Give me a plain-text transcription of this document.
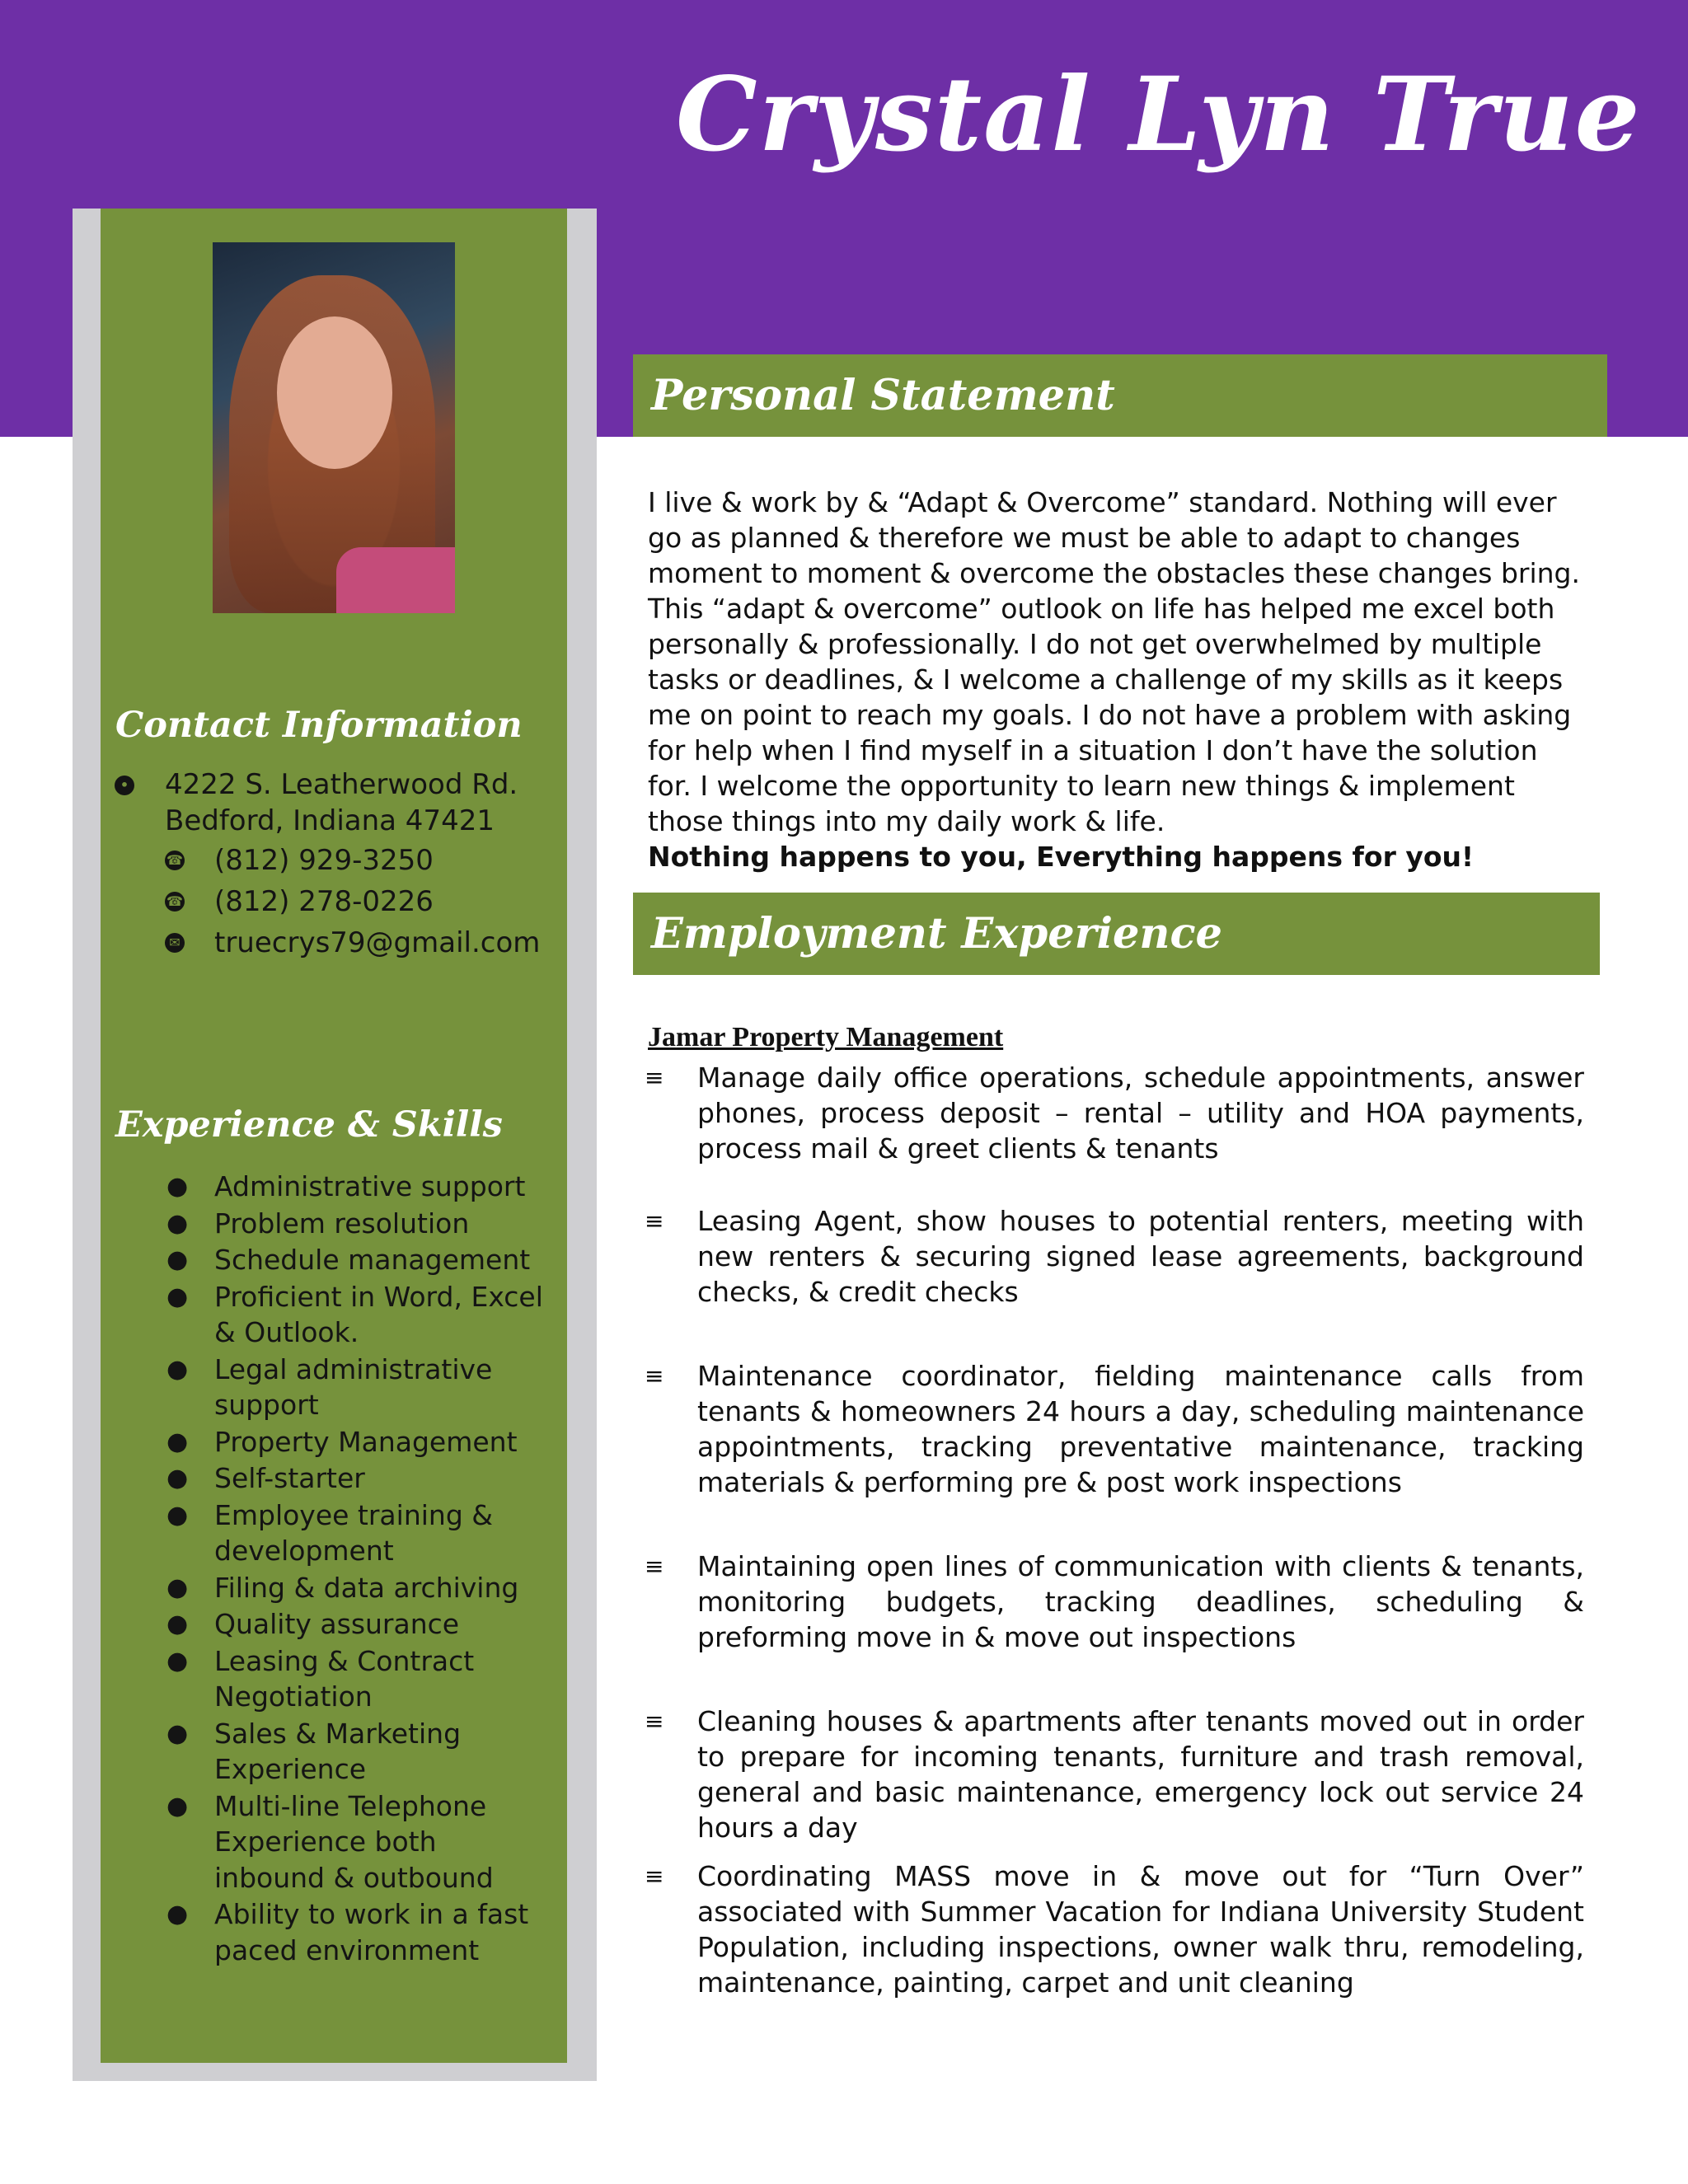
Crystal Lyn True
Contact Information
• 4222 S. Leatherwood Rd.
Bedford, Indiana 47421
☎ (812) 929-3250
☎ (812) 278-0226
✉ truecrys79@gmail.com
Experience & Skills
● Administrative support
● Problem resolution
● Schedule management
● Proficient in Word, Excel & Outlook.
● Legal administrative support
● Property Management
● Self-starter
● Employee training & development
● Filing & data archiving
● Quality assurance
● Leasing & Contract Negotiation
● Sales & Marketing Experience
● Multi-line Telephone Experience both inbound & outbound
● Ability to work in a fast paced environment
Personal Statement

I live & work by & “Adapt & Overcome” standard. Nothing will ever go as planned & therefore we must be able to adapt to changes moment to moment & overcome the obstacles these changes bring. This “adapt & overcome” outlook on life has helped me excel both personally & professionally. I do not get overwhelmed by multiple tasks or deadlines, & I welcome a challenge of my skills as it keeps me on point to reach my goals. I do not have a problem with asking for help when I find myself in a situation I don’t have the solution for. I welcome the opportunity to learn new things & implement those things into my daily work & life.
Nothing happens to you, Everything happens for you!

Employment Experience
Jamar Property Management
≡ Manage daily office operations, schedule appointments, answer phones, process deposit – rental – utility and HOA payments, process mail & greet clients & tenants
≡ Leasing Agent, show houses to potential renters, meeting with new renters & securing signed lease agreements, background checks, & credit checks
≡ Maintenance coordinator, fielding maintenance calls from tenants & homeowners 24 hours a day, scheduling maintenance appointments, tracking preventative maintenance, tracking materials & performing pre & post work inspections
≡ Maintaining open lines of communication with clients & tenants, monitoring budgets, tracking deadlines, scheduling & preforming move in & move out inspections
≡ Cleaning houses & apartments after tenants moved out in order to prepare for incoming tenants, furniture and trash removal, general and basic maintenance, emergency lock out service 24 hours a day
≡ Coordinating MASS move in & move out for “Turn Over” associated with Summer Vacation for Indiana University Student Population, including inspections, owner walk thru, remodeling, maintenance, painting, carpet and unit cleaning
